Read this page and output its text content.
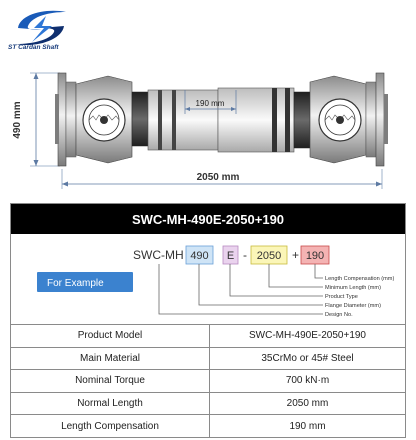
ST Cardan Shaft
490 mm
2050 mm
190 mm
SWC-MH-490E-2050+190
For Example
SWC-MH 490 E - 2050 + 190
Length Compensation (mm)
Minimum Length (mm)
Product Type
Flange Diameter (mm)
Design No.
Product Model	SWC-MH-490E-2050+190
Main Material	35CrMo or 45# Steel
Nominal Torque	700 kN·m
Normal Length	2050 mm
Length Compensation	190 mm
